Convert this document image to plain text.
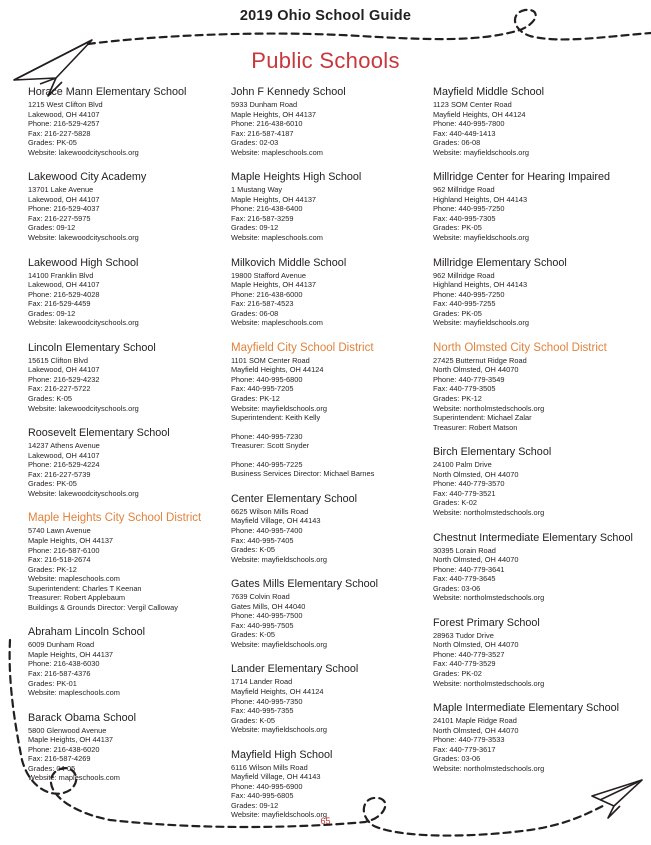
2019 Ohio School Guide
Public Schools
Horace Mann Elementary School
1215 West Clifton Blvd
Lakewood, OH 44107
Phone: 216-529-4257
Fax: 216-227-5828
Grades: PK-05
Website: lakewoodcityschools.org
Lakewood City Academy
13701 Lake Avenue
Lakewood, OH 44107
Phone: 216-529-4037
Fax: 216-227-5975
Grades: 09-12
Website: lakewoodcityschools.org
Lakewood High School
14100 Franklin Blvd
Lakewood, OH 44107
Phone: 216-529-4028
Fax: 216-529-4459
Grades: 09-12
Website: lakewoodcityschools.org
Lincoln Elementary School
15615 Clifton Blvd
Lakewood, OH 44107
Phone: 216-529-4232
Fax: 216-227-5722
Grades: K-05
Website: lakewoodcityschools.org
Roosevelt Elementary School
14237 Athens Avenue
Lakewood, OH 44107
Phone: 216-529-4224
Fax: 216-227-5739
Grades: PK-05
Website: lakewoodcityschools.org
Maple Heights City School District
5740 Lawn Avenue
Maple Heights, OH 44137
Phone: 216-587-6100
Fax: 216-518-2674
Grades: PK-12
Website: mapleschools.com
Superintendent: Charles T Keenan
Treasurer: Robert Applebaum
Buildings & Grounds Director: Vergil Calloway
Abraham Lincoln School
6009 Dunham Road
Maple Heights, OH 44137
Phone: 216-438-6030
Fax: 216-587-4376
Grades: PK-01
Website: mapleschools.com
Barack Obama School
5800 Glenwood Avenue
Maple Heights, OH 44137
Phone: 216-438-6020
Fax: 216-587-4269
Grades: 04-05
Website: mapleschools.com
John F Kennedy School
5933 Dunham Road
Maple Heights, OH 44137
Phone: 216-438-6010
Fax: 216-587-4187
Grades: 02-03
Website: mapleschools.com
Maple Heights High School
1 Mustang Way
Maple Heights, OH 44137
Phone: 216-438-6400
Fax: 216-587-3259
Grades: 09-12
Website: mapleschools.com
Milkovich Middle School
19800 Stafford Avenue
Maple Heights, OH 44137
Phone: 216-438-6000
Fax: 216-587-4523
Grades: 06-08
Website: mapleschools.com
Mayfield City School District
1101 SOM Center Road
Mayfield Heights, OH 44124
Phone: 440-995-6800
Fax: 440-995-7205
Grades: PK-12
Website: mayfieldschools.org
Superintendent: Keith Kelly
Phone: 440-995-7230
Treasurer: Scott Snyder
Phone: 440-995-7225
Business Services Director: Michael Barnes
Center Elementary School
6625 Wilson Mills Road
Mayfield Village, OH 44143
Phone: 440-995-7400
Fax: 440-995-7405
Grades: K-05
Website: mayfieldschools.org
Gates Mills Elementary School
7639 Colvin Road
Gates Mills, OH 44040
Phone: 440-995-7500
Fax: 440-995-7505
Grades: K-05
Website: mayfieldschools.org
Lander Elementary School
1714 Lander Road
Mayfield Heights, OH 44124
Phone: 440-995-7350
Fax: 440-995-7355
Grades: K-05
Website: mayfieldschools.org
Mayfield High School
6116 Wilson Mills Road
Mayfield Village, OH 44143
Phone: 440-995-6900
Fax: 440-995-6805
Grades: 09-12
Website: mayfieldschools.org
Mayfield Middle School
1123 SOM Center Road
Mayfield Heights, OH 44124
Phone: 440-995-7800
Fax: 440-449-1413
Grades: 06-08
Website: mayfieldschools.org
Millridge Center for Hearing Impaired
962 Millridge Road
Highland Heights, OH 44143
Phone: 440-995-7250
Fax: 440-995-7305
Grades: PK-05
Website: mayfieldschools.org
Millridge Elementary School
962 Millridge Road
Highland Heights, OH 44143
Phone: 440-995-7250
Fax: 440-995-7255
Grades: PK-05
Website: mayfieldschools.org
North Olmsted City School District
27425 Butternut Ridge Road
North Olmsted, OH 44070
Phone: 440-779-3549
Fax: 440-779-3505
Grades: PK-12
Website: northolmstedschools.org
Superintendent: Michael Zalar
Treasurer: Robert Matson
Birch Elementary School
24100 Palm Drive
North Olmsted, OH 44070
Phone: 440-779-3570
Fax: 440-779-3521
Grades: K-02
Website: northolmstedschools.org
Chestnut Intermediate Elementary School
30395 Lorain Road
North Olmsted, OH 44070
Phone: 440-779-3641
Fax: 440-779-3645
Grades: 03-06
Website: northolmstedschools.org
Forest Primary School
28963 Tudor Drive
North Olmsted, OH 44070
Phone: 440-779-3527
Fax: 440-779-3529
Grades: PK-02
Website: northolmstedschools.org
Maple Intermediate Elementary School
24101 Maple Ridge Road
North Olmsted, OH 44070
Phone: 440-779-3533
Fax: 440-779-3617
Grades: 03-06
Website: northolmstedschools.org
65
